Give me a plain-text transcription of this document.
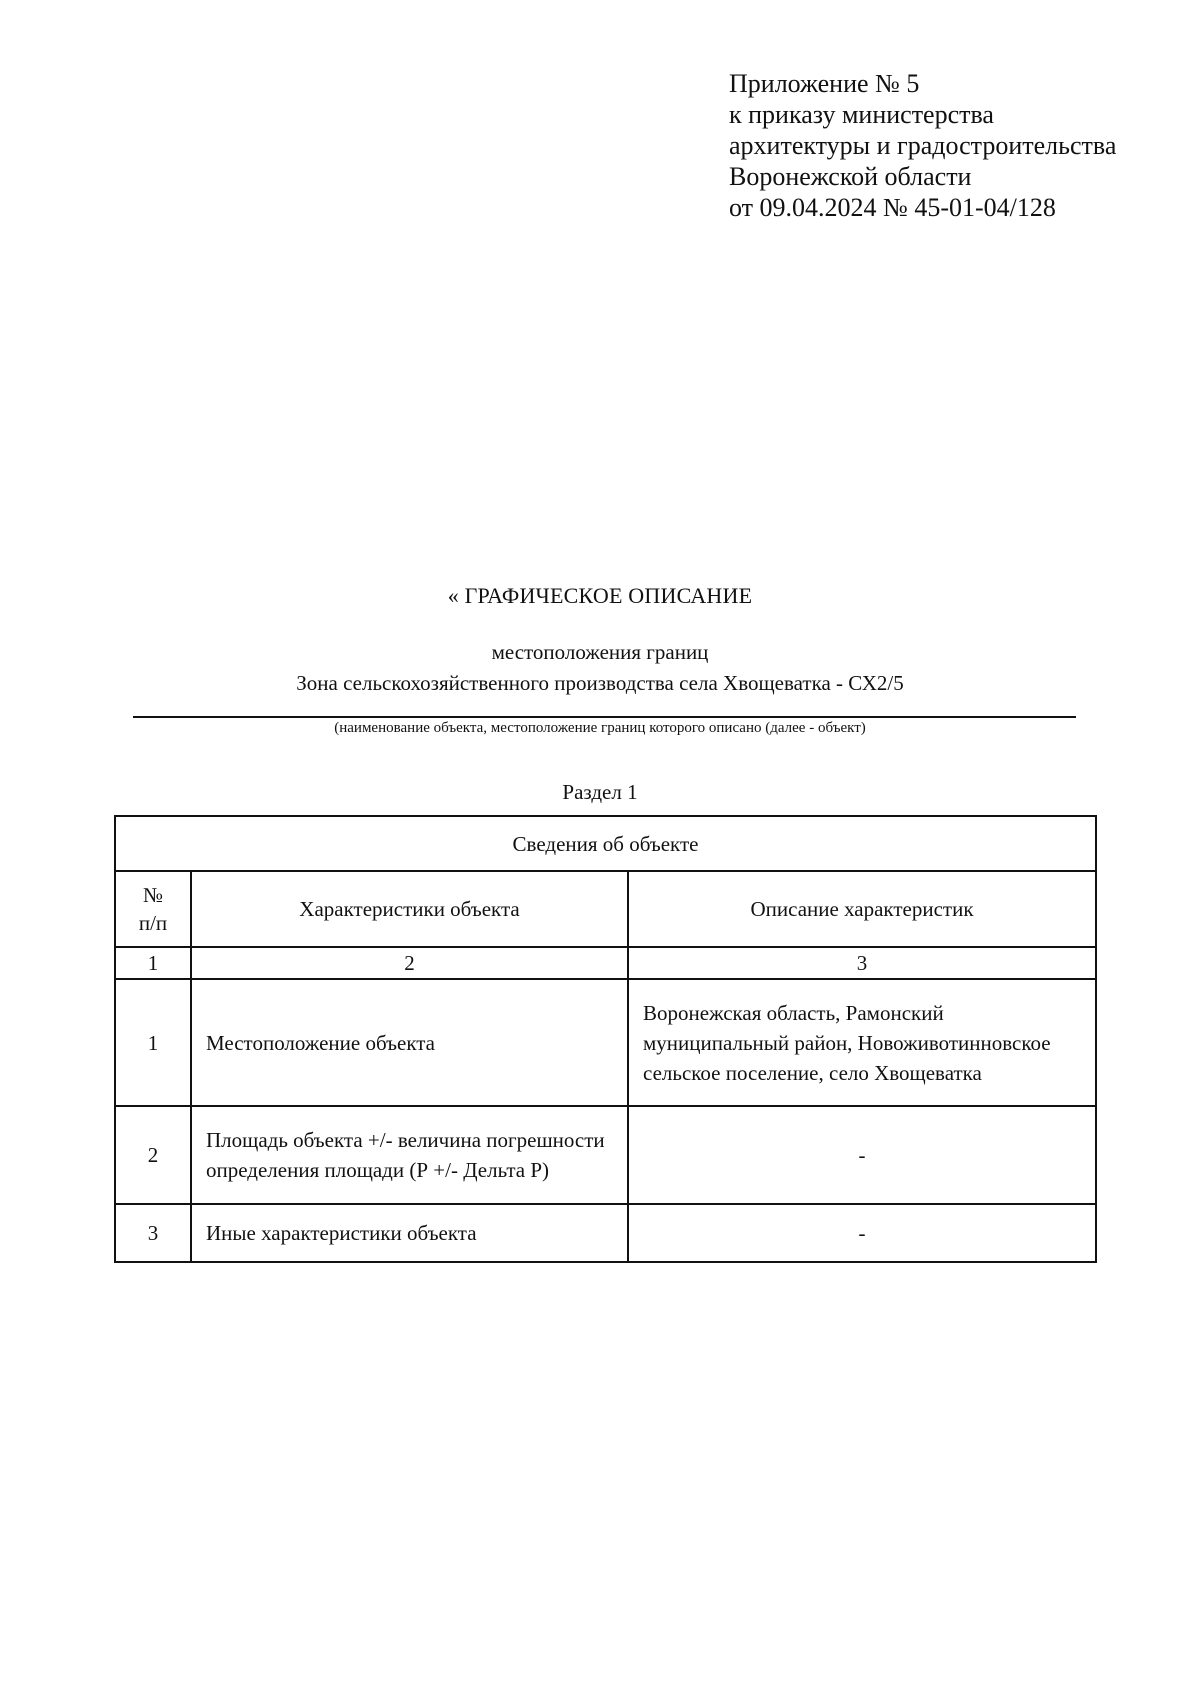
Приложение № 5
к приказу министерства
архитектуры и градостроительства
Воронежской области
от 09.04.2024 № 45-01-04/128
« ГРАФИЧЕСКОЕ ОПИСАНИЕ
местоположения границ
Зона сельскохозяйственного производства села Хвощеватка - СХ2/5
(наименование объекта, местоположение границ которого описано (далее - объект)
Раздел 1
Сведения об объекте		
№
п/п	Характеристики объекта	Описание характеристик
1	2	3
1	Местоположение объекта	Воронежская область, Рамонский муниципальный район, Новоживотинновское сельское поселение, село Хвощеватка
2	Площадь объекта +/- величина погрешности определения площади (Р +/- Дельта Р)	-
3	Иные характеристики объекта	-
